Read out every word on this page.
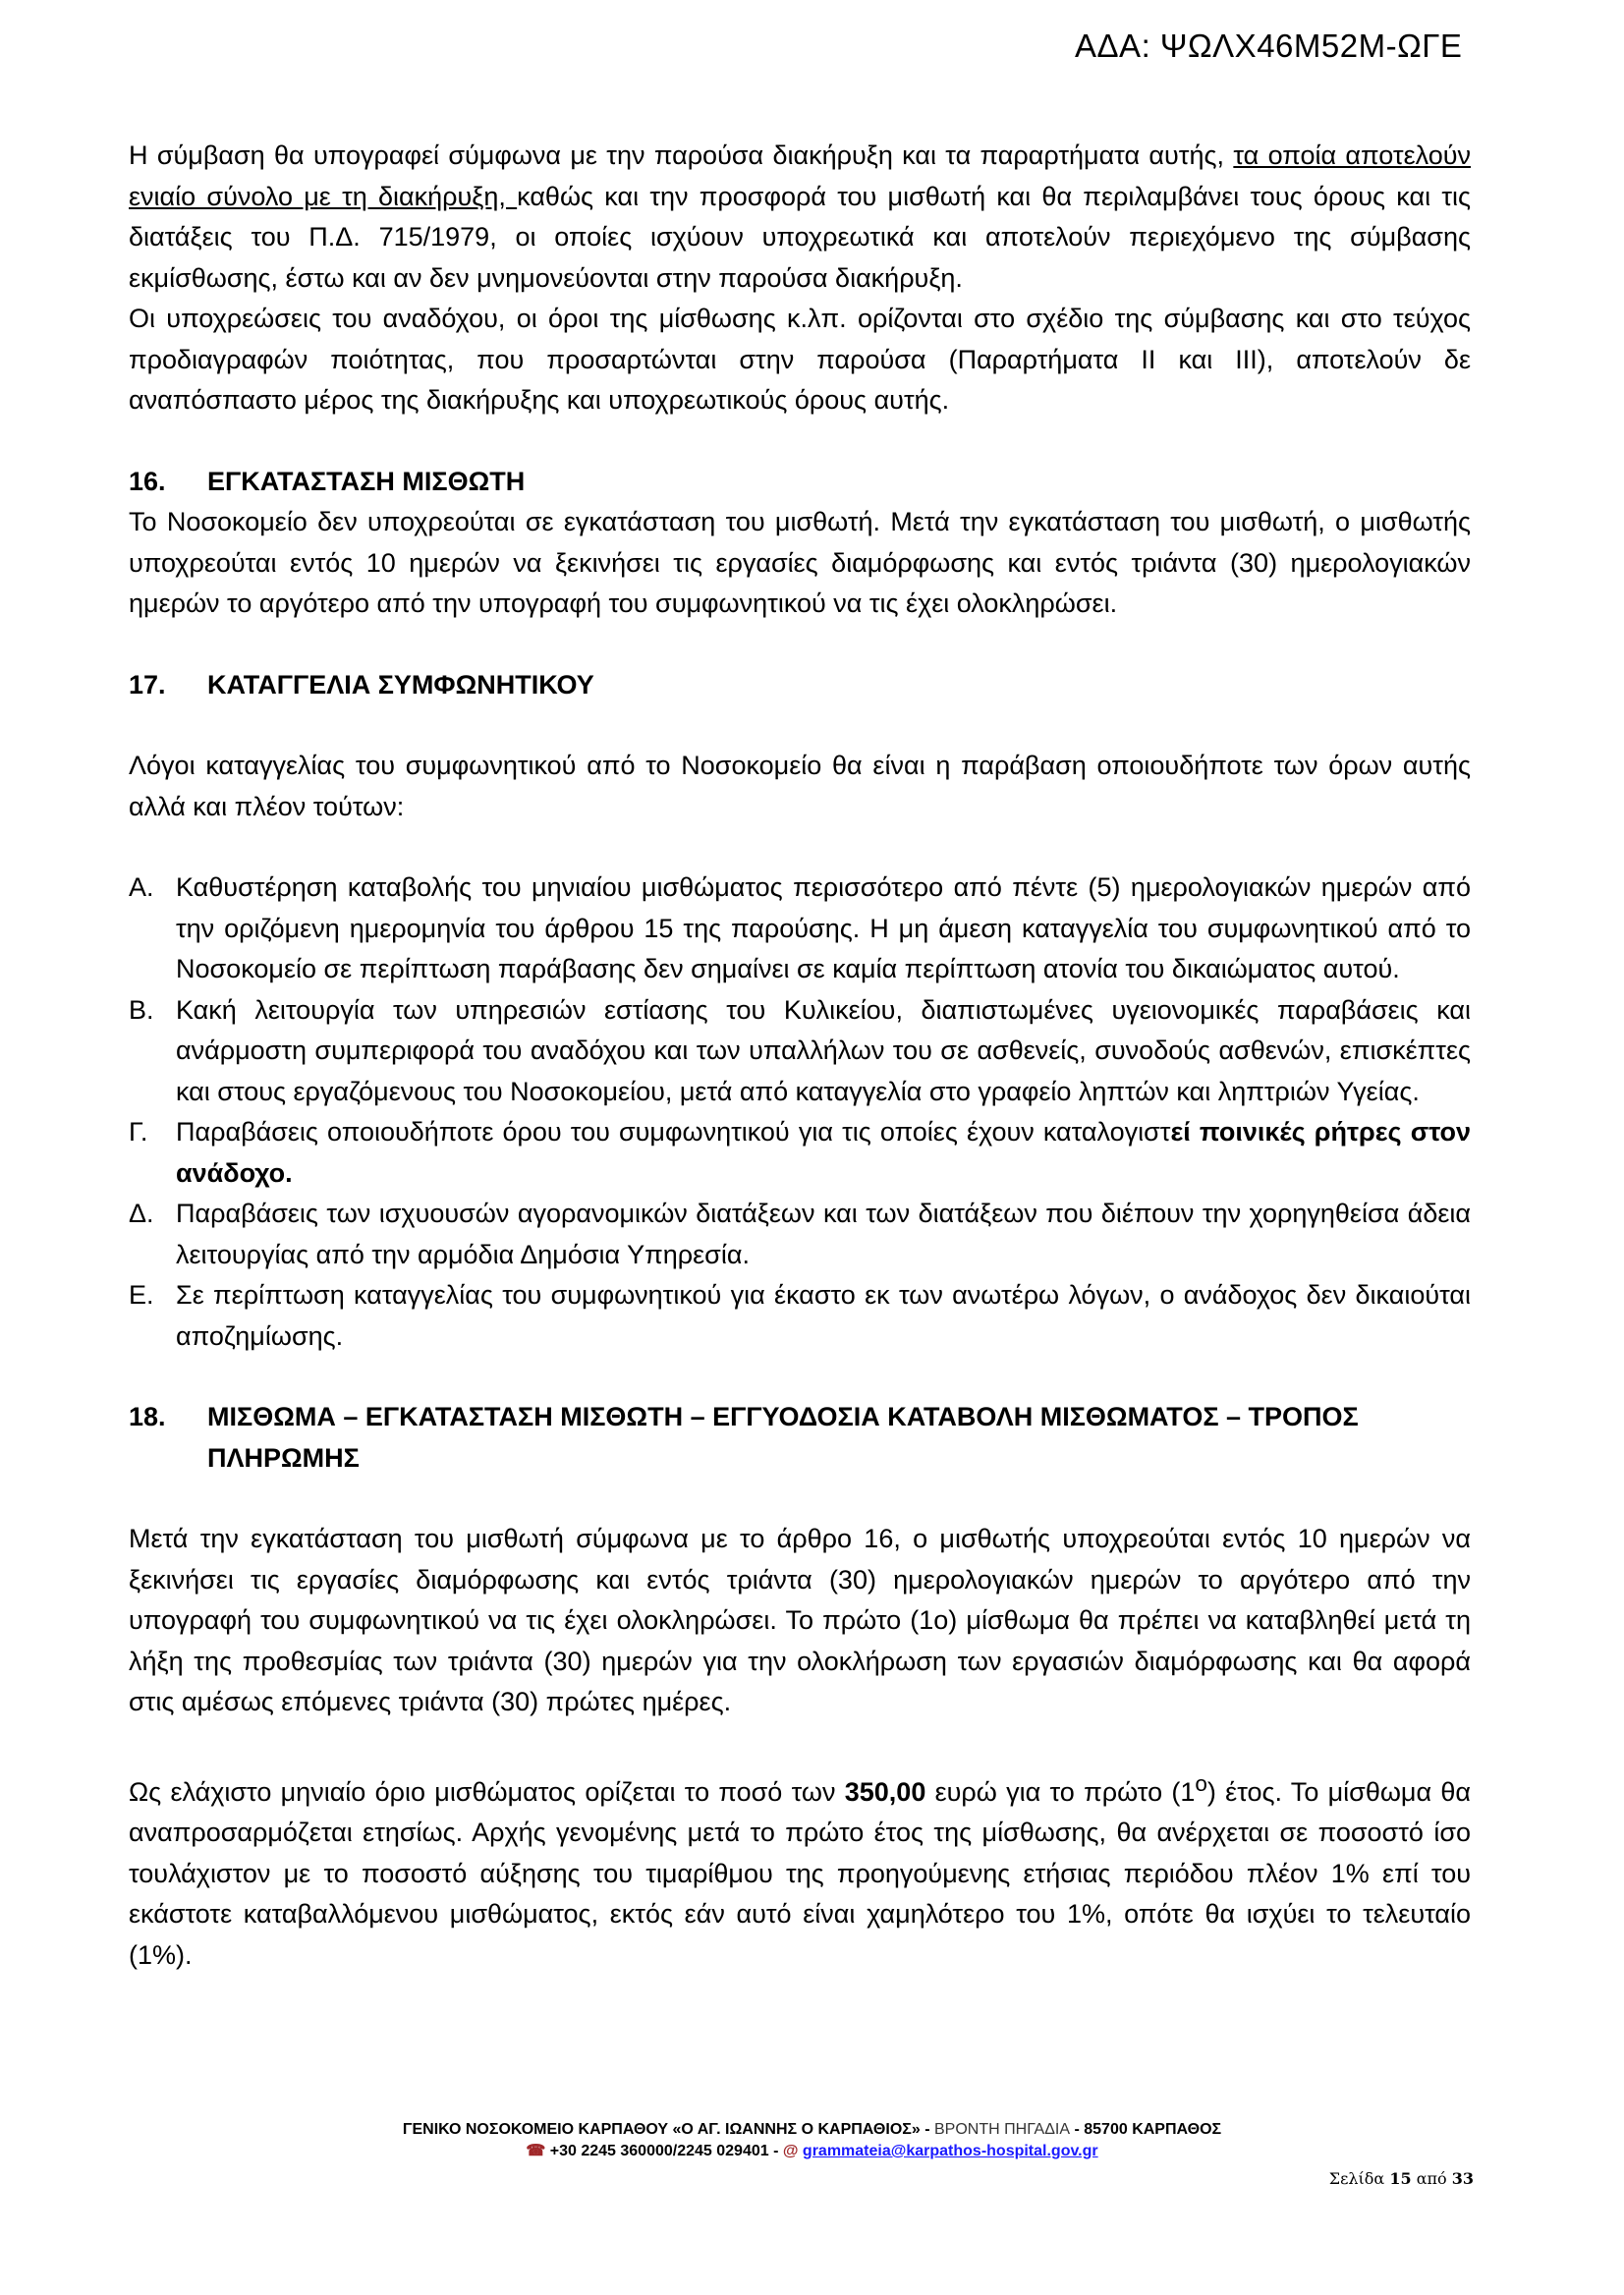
ΑΔΑ: ΨΩΛΧ46Μ52Μ-ΩΓΕ

Η σύμβαση θα υπογραφεί σύμφωνα με την παρούσα διακήρυξη και τα παραρτήματα αυτής, τα οποία αποτελούν ενιαίο σύνολο με τη διακήρυξη, καθώς και την προσφορά του μισθωτή και θα περιλαμβάνει τους όρους και τις διατάξεις του Π.Δ. 715/1979, οι οποίες ισχύουν υποχρεωτικά και αποτελούν περιεχόμενο της σύμβασης εκμίσθωσης, έστω και αν δεν μνημονεύονται στην παρούσα διακήρυξη.

Οι υποχρεώσεις του αναδόχου, οι όροι της μίσθωσης κ.λπ. ορίζονται στο σχέδιο της σύμβασης και στο τεύχος προδιαγραφών ποιότητας, που προσαρτώνται στην παρούσα (Παραρτήματα ΙΙ και ΙΙΙ), αποτελούν δε αναπόσπαστο μέρος της διακήρυξης και υποχρεωτικούς όρους αυτής.

16.	ΕΓΚΑΤΑΣΤΑΣΗ ΜΙΣΘΩΤΗ

Το Νοσοκομείο δεν υποχρεούται σε εγκατάσταση του μισθωτή. Μετά την εγκατάσταση του μισθωτή, ο μισθωτής υποχρεούται εντός 10 ημερών να ξεκινήσει τις εργασίες διαμόρφωσης και εντός τριάντα (30) ημερολογιακών ημερών το αργότερο από την υπογραφή του συμφωνητικού να τις έχει ολοκληρώσει.

17.	ΚΑΤΑΓΓΕΛΙΑ ΣΥΜΦΩΝΗΤΙΚΟΥ

Λόγοι καταγγελίας του συμφωνητικού από το Νοσοκομείο θα είναι η παράβαση οποιουδήποτε των όρων αυτής αλλά και πλέον τούτων:

Α. Καθυστέρηση καταβολής του μηνιαίου μισθώματος περισσότερο από πέντε (5) ημερολογιακών ημερών από την οριζόμενη ημερομηνία του άρθρου 15 της παρούσης. Η μη άμεση καταγγελία του συμφωνητικού από το Νοσοκομείο σε περίπτωση παράβασης δεν σημαίνει σε καμία περίπτωση ατονία του δικαιώματος αυτού.
Β. Κακή λειτουργία των υπηρεσιών εστίασης του Κυλικείου, διαπιστωμένες υγειονομικές παραβάσεις και ανάρμοστη συμπεριφορά του αναδόχου και των υπαλλήλων του σε ασθενείς, συνοδούς ασθενών, επισκέπτες και στους εργαζόμενους του Νοσοκομείου, μετά από καταγγελία στο γραφείο ληπτών και ληπτριών Υγείας.
Γ.	Παραβάσεις οποιουδήποτε όρου του συμφωνητικού για τις οποίες έχουν καταλογιστεί ποινικές ρήτρες στον ανάδοχο.
Δ. Παραβάσεις των ισχυουσών αγορανομικών διατάξεων και των διατάξεων που διέπουν την χορηγηθείσα άδεια λειτουργίας από την αρμόδια Δημόσια Υπηρεσία.
Ε. Σε περίπτωση καταγγελίας του συμφωνητικού για έκαστο εκ των ανωτέρω λόγων, ο ανάδοχος δεν δικαιούται αποζημίωσης.
18.	ΜΙΣΘΩΜΑ – ΕΓΚΑΤΑΣΤΑΣΗ ΜΙΣΘΩΤΗ – ΕΓΓΥΟΔΟΣΙΑ ΚΑΤΑΒΟΛΗ ΜΙΣΘΩΜΑΤΟΣ – ΤΡΟΠΟΣ ΠΛΗΡΩΜΗΣ

Μετά την εγκατάσταση του μισθωτή σύμφωνα με το άρθρο 16, ο μισθωτής υποχρεούται εντός 10 ημερών να ξεκινήσει τις εργασίες διαμόρφωσης και εντός τριάντα (30) ημερολογιακών ημερών το αργότερο από την υπογραφή του συμφωνητικού να τις έχει ολοκληρώσει. Το πρώτο (1ο) μίσθωμα θα πρέπει να καταβληθεί μετά τη λήξη της προθεσμίας των τριάντα (30) ημερών για την ολοκλήρωση των εργασιών διαμόρφωσης και θα αφορά στις αμέσως επόμενες τριάντα (30) πρώτες ημέρες.

Ως ελάχιστο μηνιαίο όριο μισθώματος ορίζεται το ποσό των 350,00 ευρώ για το πρώτο $(1^o)$ έτος. Το μίσθωμα θα αναπροσαρμόζεται ετησίως. Αρχής γενομένης μετά το πρώτο έτος της μίσθωσης, θα ανέρχεται σε ποσοστό ίσο τουλάχιστον με το ποσοστό αύξησης του τιμαρίθμου της προηγούμενης ετήσιας περιόδου πλέον 1% επί του εκάστοτε καταβαλλόμενου μισθώματος, εκτός εάν αυτό είναι χαμηλότερο του 1%, οπότε θα ισχύει το τελευταίο (1%).

ΓΕΝΙΚΟ ΝΟΣΟΚΟΜΕΙΟ ΚΑΡΠΑΘΟΥ «Ο ΑΓ. ΙΩΑΝΝΗΣ Ο ΚΑΡΠΑΘΙΟΣ» - ΒΡΟΝΤΗ ΠΗΓΑΔΙΑ - 85700 ΚΑΡΠΑΘΟΣ
☎ +30 2245 360000/2245 029401 - @ grammateia@karpathos-hospital.gov.gr
Σελίδα 15 από 33
